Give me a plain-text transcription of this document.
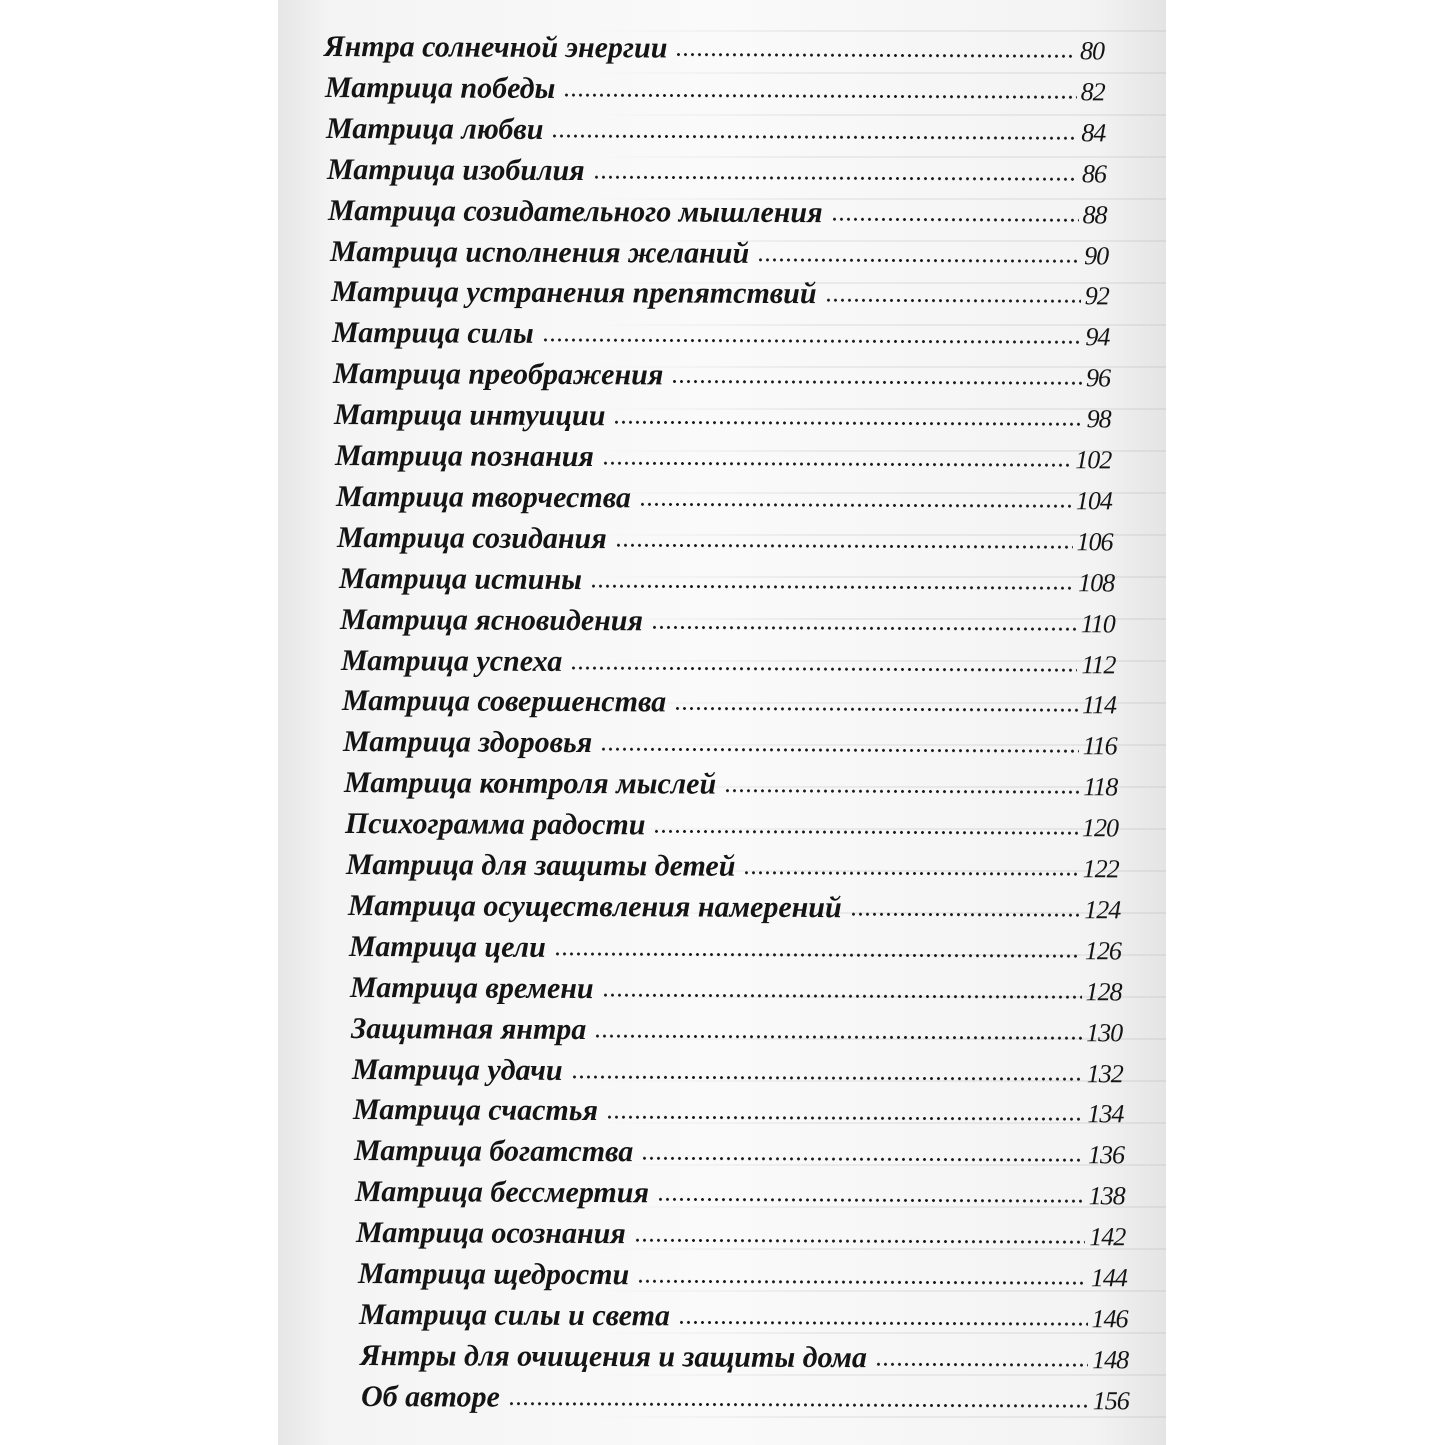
Янтра солнечной энергии	80
Матрица победы	82
Матрица любви	84
Матрица изобилия	86
Матрица созидательного мышления	88
Матрица исполнения желаний	90
Матрица устранения препятствий	92
Матрица силы	94
Матрица преображения	96
Матрица интуиции	98
Матрица познания	102
Матрица творчества	104
Матрица созидания	106
Матрица истины	108
Матрица ясновидения	110
Матрица успеха	112
Матрица совершенства	114
Матрица здоровья	116
Матрица контроля мыслей	118
Психограмма радости	120
Матрица для защиты детей	122
Матрица осуществления намерений	124
Матрица цели	126
Матрица времени	128
Защитная янтра	130
Матрица удачи	132
Матрица счастья	134
Матрица богатства	136
Матрица бессмертия	138
Матрица осознания	142
Матрица щедрости	144
Матрица силы и света	146
Янтры для очищения и защиты дома	148
Об авторе	156
